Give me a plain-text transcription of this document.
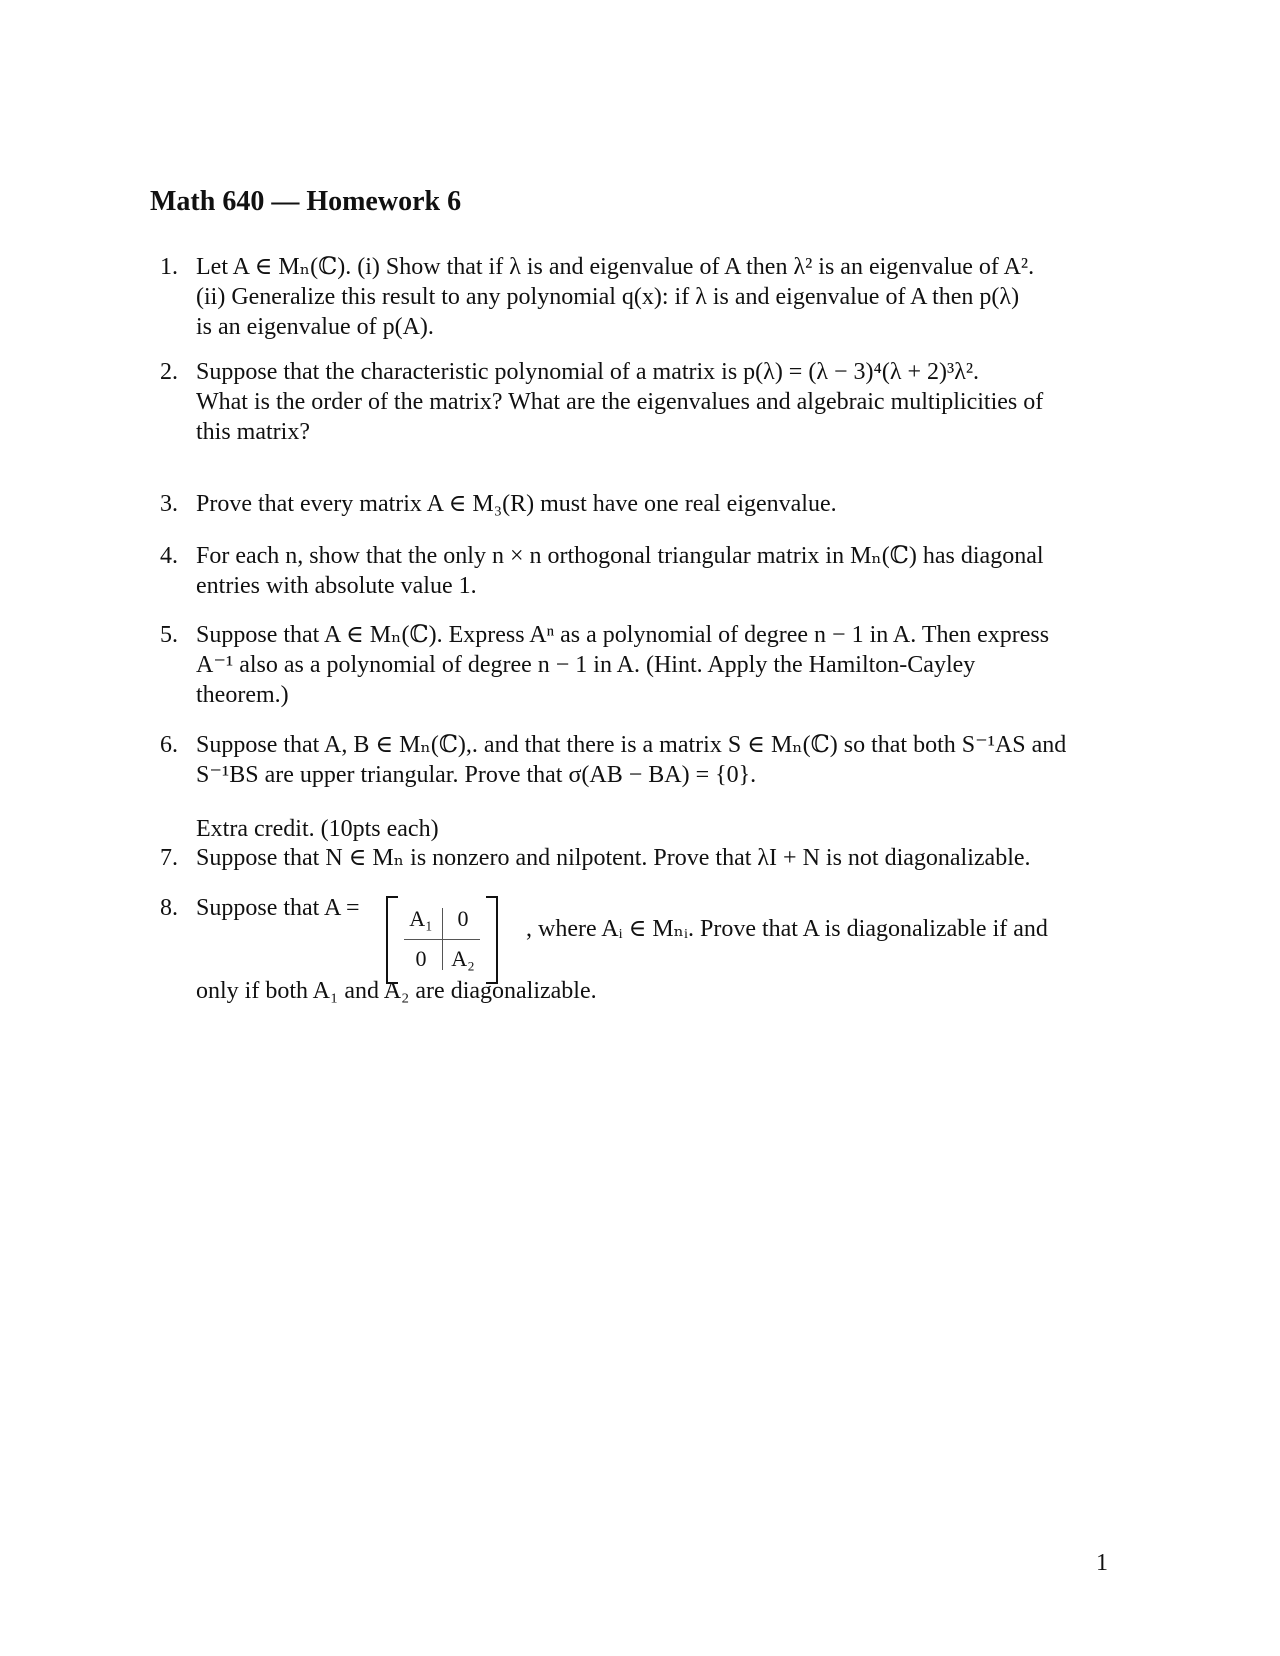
Math 640 — Homework 6
1. Let A ∈ Mₙ(ℂ). (i) Show that if λ is and eigenvalue of A then λ² is an eigenvalue of A².
(ii) Generalize this result to any polynomial q(x): if λ is and eigenvalue of A then p(λ)
is an eigenvalue of p(A).
2. Suppose that the characteristic polynomial of a matrix is p(λ) = (λ − 3)⁴(λ + 2)³λ².
What is the order of the matrix? What are the eigenvalues and algebraic multiplicities of
this matrix?
3. Prove that every matrix A ∈ M₃(R) must have one real eigenvalue.
4. For each n, show that the only n × n orthogonal triangular matrix in Mₙ(ℂ) has diagonal
entries with absolute value 1.
5. Suppose that A ∈ Mₙ(ℂ). Express Aⁿ as a polynomial of degree n − 1 in A. Then express
A⁻¹ also as a polynomial of degree n − 1 in A. (Hint. Apply the Hamilton-Cayley
theorem.)
6. Suppose that A, B ∈ Mₙ(ℂ),. and that there is a matrix S ∈ Mₙ(ℂ) so that both S⁻¹AS and
S⁻¹BS are upper triangular. Prove that σ(AB − BA) = {0}.
Extra credit. (10pts each)
7. Suppose that N ∈ Mₙ is nonzero and nilpotent. Prove that λI + N is not diagonalizable.
8. Suppose that A =	A₁	0
0	A₂
, where Aᵢ ∈ Mₙᵢ. Prove that A is diagonalizable if and
only if both A₁ and A₂ are diagonalizable.
1
